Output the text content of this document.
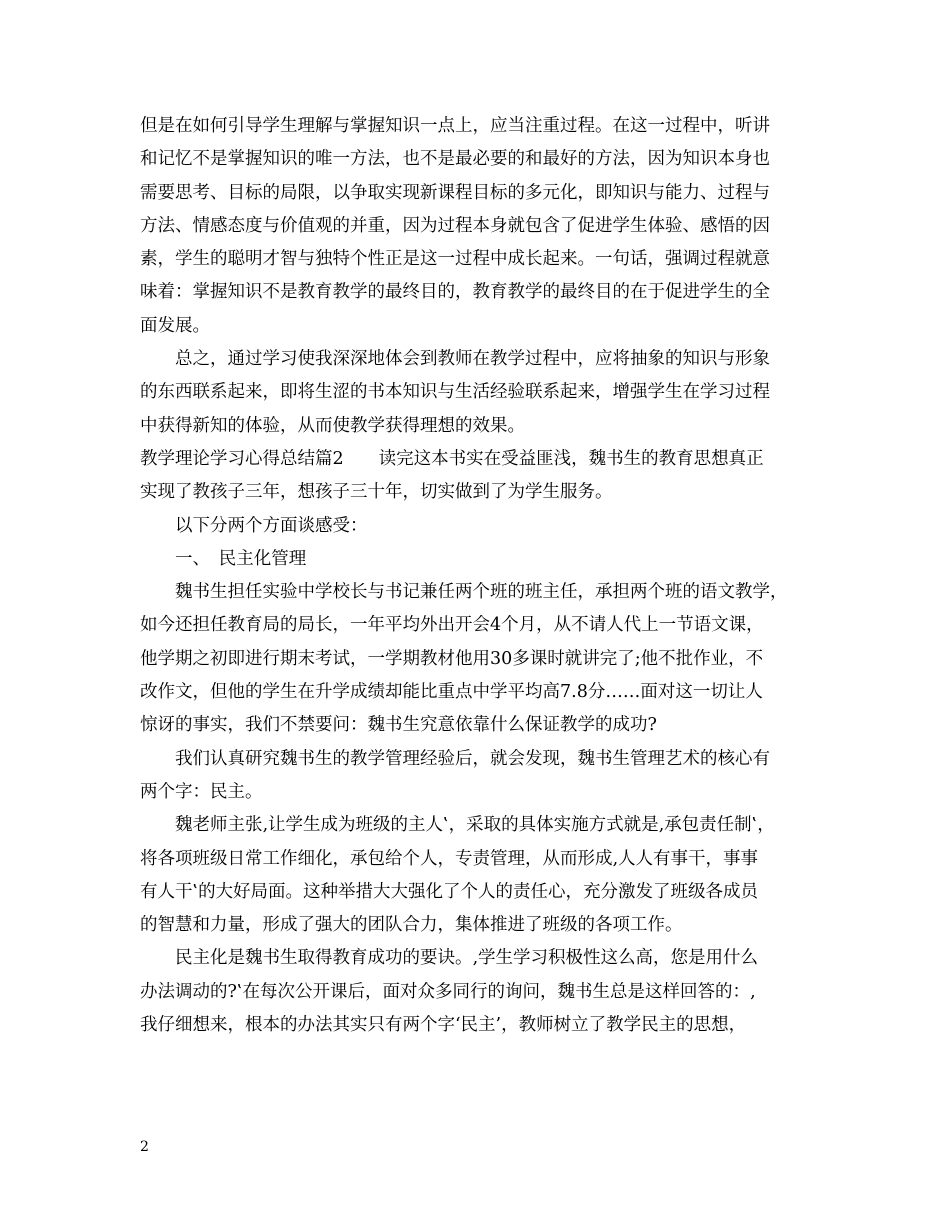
但是在如何引导学生理解与掌握知识一点上，应当注重过程。在这一过程中，听讲
和记忆不是掌握知识的唯一方法，也不是最必要的和最好的方法，因为知识本身也
需要思考、目标的局限，以争取实现新课程目标的多元化，即知识与能力、过程与
方法、情感态度与价值观的并重，因为过程本身就包含了促进学生体验、感悟的因
素，学生的聪明才智与独特个性正是这一过程中成长起来。一句话，强调过程就意
味着：掌握知识不是教育教学的最终目的，教育教学的最终目的在于促进学生的全
面发展。
总之，通过学习使我深深地体会到教师在教学过程中，应将抽象的知识与形象
的东西联系起来，即将生涩的书本知识与生活经验联系起来，增强学生在学习过程
中获得新知的体验，从而使教学获得理想的效果。
教学理论学习心得总结篇2　　读完这本书实在受益匪浅，魏书生的教育思想真正
实现了教孩子三年，想孩子三十年，切实做到了为学生服务。
以下分两个方面谈感受：
一、　民主化管理
魏书生担任实验中学校长与书记兼任两个班的班主任，承担两个班的语文教学，
如今还担任教育局的局长，一年平均外出开会4个月，从不请人代上一节语文课，
他学期之初即进行期末考试，一学期教材他用30多课时就讲完了;他不批作业，不
改作文，但他的学生在升学成绩却能比重点中学平均高7.8分……面对这一切让人
惊讶的事实，我们不禁要问：魏书生究意依靠什么保证教学的成功?
我们认真研究魏书生的教学管理经验后，就会发现，魏书生管理艺术的核心有
两个字：民主。
魏老师主张‚让学生成为班级的主人‛，采取的具体实施方式就是‚承包责任制‛，
将各项班级日常工作细化，承包给个人，专责管理，从而形成‚人人有事干，事事
有人干‛的大好局面。这种举措大大强化了个人的责任心，充分激发了班级各成员
的智慧和力量，形成了强大的团队合力，集体推进了班级的各项工作。
民主化是魏书生取得教育成功的要诀。‚学生学习积极性这么高，您是用什么
办法调动的?‛在每次公开课后，面对众多同行的询问，魏书生总是这样回答的：‚
我仔细想来，根本的办法其实只有两个字‘民主’，教师树立了教学民主的思想，
2
